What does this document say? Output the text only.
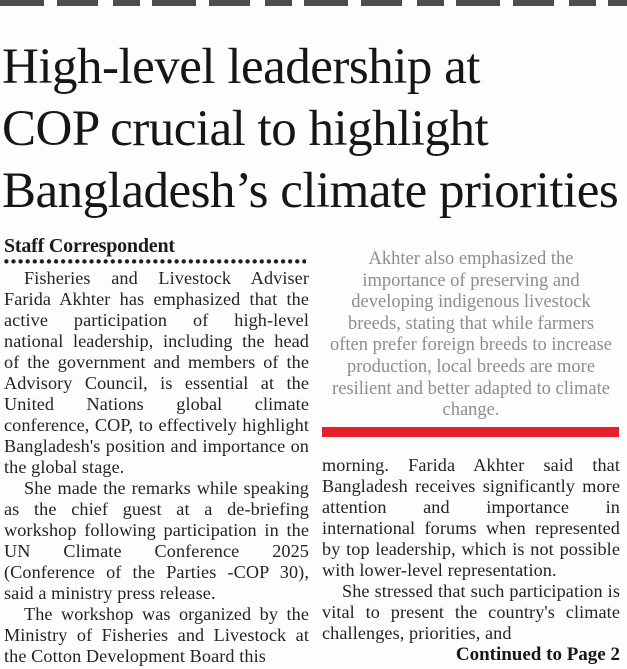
High-level leadership at
COP crucial to highlight
Bangladesh’s climate priorities
Staff Correspondent

Fisheries and Livestock Adviser Farida Akhter has emphasized that the active participation of high-level national leadership, including the head of the government and members of the Advisory Council, is essential at the United Nations global climate conference, COP, to effectively highlight Bangladesh's position and importance on the global stage.

She made the remarks while speaking as the chief guest at a de-briefing workshop following participation in the UN Climate Conference 2025 (Conference of the Parties -COP 30), said a ministry press release.

The workshop was organized by the Ministry of Fisheries and Livestock at the Cotton Development Board this

Akhter also emphasized the importance of preserving and developing indigenous livestock breeds, stating that while farmers often prefer foreign breeds to increase production, local breeds are more resilient and better adapted to climate change.

morning. Farida Akhter said that Bangladesh receives significantly more attention and importance in international forums when represented by top leadership, which is not possible with lower-level representation.

She stressed that such participation is vital to present the country's climate challenges, priorities, and

Continued to Page 2
